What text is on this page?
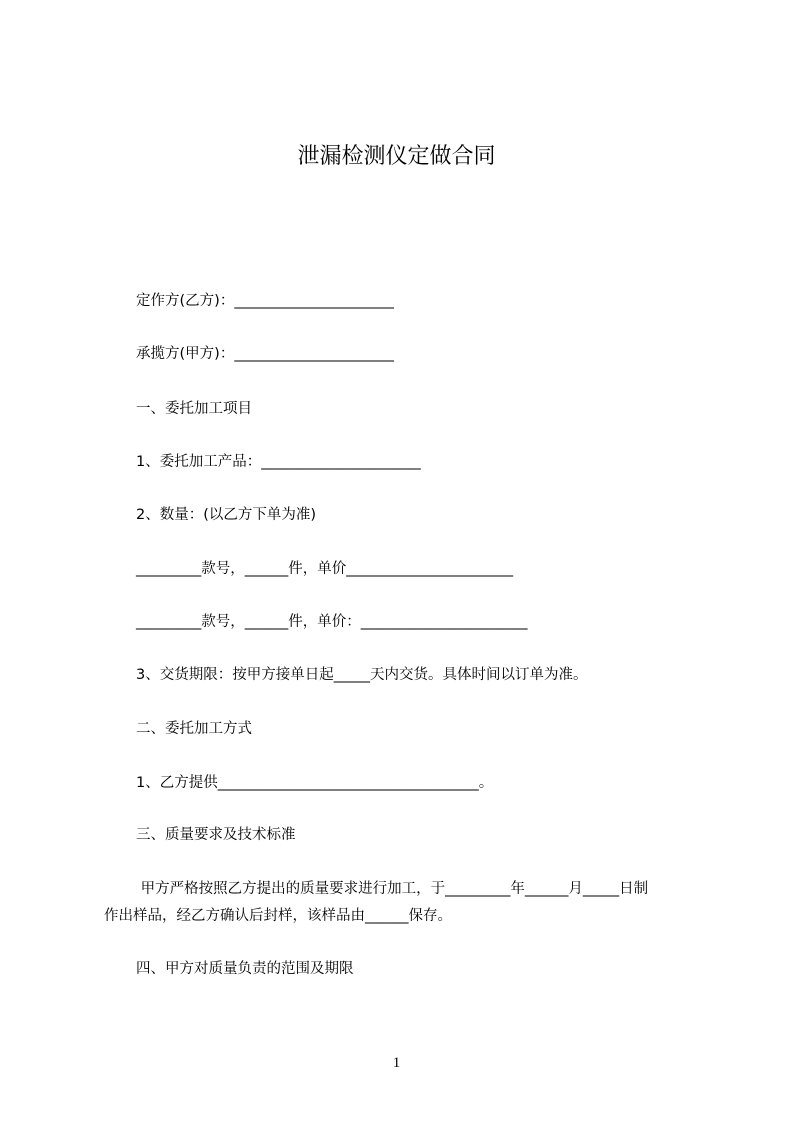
泄漏检测仪定做合同
定作方(乙方)：______________________
承揽方(甲方)：______________________
一、委托加工项目
1、委托加工产品：______________________
2、数量：(以乙方下单为准)
_________款号，______件，单价_______________________
_________款号，______件，单价：_______________________
3、交货期限：按甲方接单日起_____天内交货。具体时间以订单为准。
二、委托加工方式
1、乙方提供____________________________________。
三、质量要求及技术标准
甲方严格按照乙方提出的质量要求进行加工，于_________年______月_____日制
作出样品，经乙方确认后封样，该样品由______保存。
四、甲方对质量负责的范围及期限
1
